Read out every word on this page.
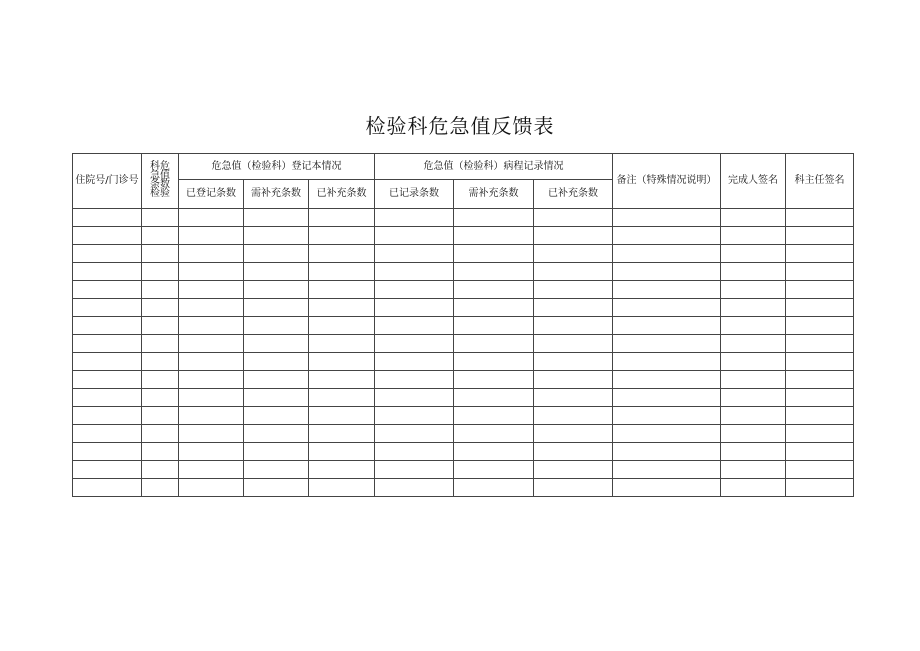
检验科危急值反馈表
住院号/门诊号	科危急值条数检验	危急值（检验科）登记本情况			危急值（检验科）病程记录情况			备注（特殊情况说明）	完成人签名	科主任签名
		已登记条数	需补充条数	已补充条数	已记录条数	需补充条数	已补充条数			
